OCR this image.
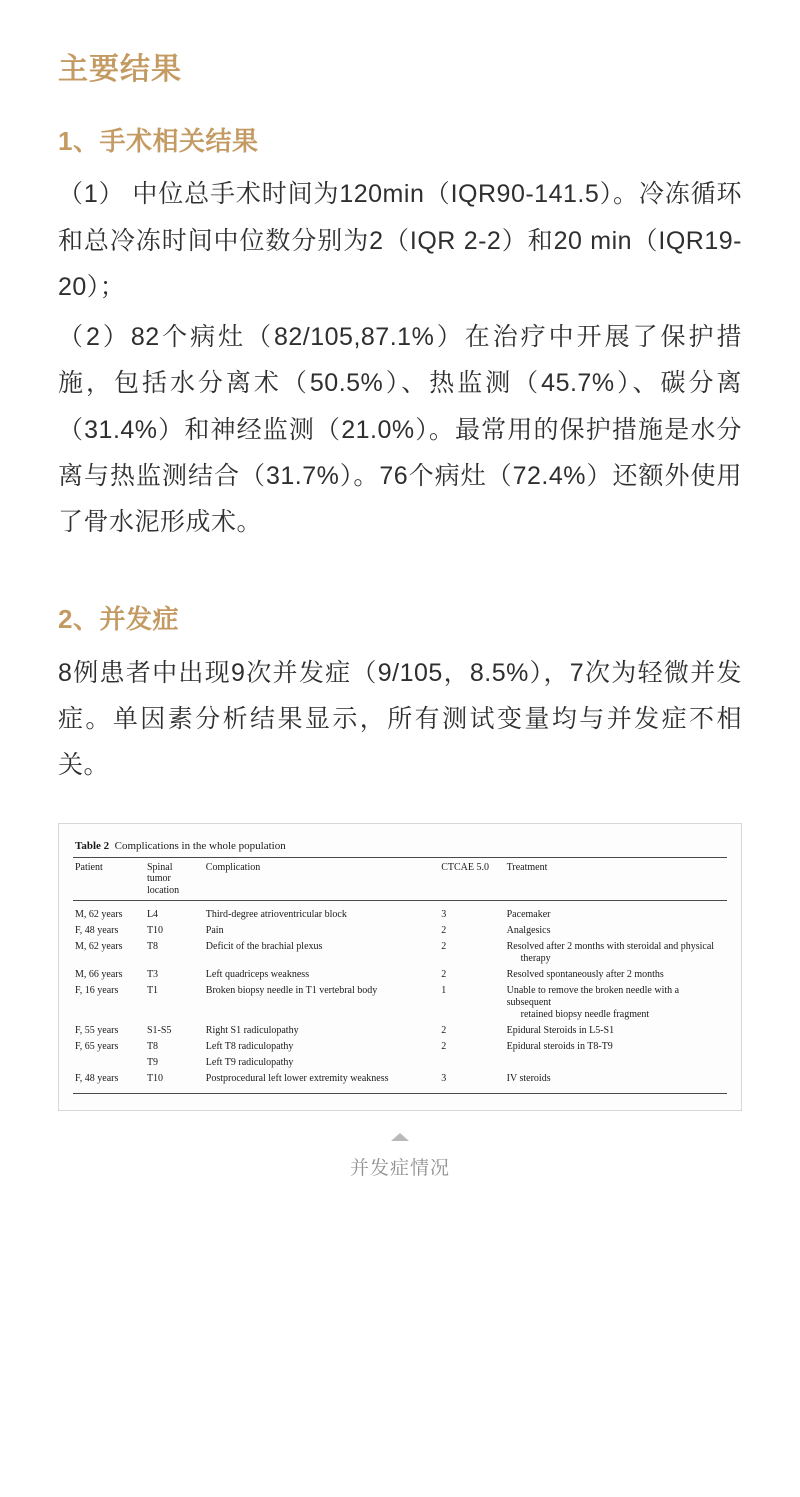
主要结果
1、手术相关结果

（1） 中位总手术时间为120min（IQR90-141.5）。冷冻循环和总冷冻时间中位数分别为2（IQR 2-2）和20 min（IQR19-20）；

（2）82个病灶（82/105,87.1%）在治疗中开展了保护措施，包括水分离术（50.5%）、热监测（45.7%）、碳分离（31.4%）和神经监测（21.0%）。最常用的保护措施是水分离与热监测结合（31.7%）。76个病灶（72.4%）还额外使用了骨水泥形成术。

2、并发症

8例患者中出现9次并发症（9/105，8.5%），7次为轻微并发症。单因素分析结果显示，所有测试变量均与并发症不相关。

Table 2 Complications in the whole population
Patient	Spinal
tumor
location	Complication	CTCAE 5.0	Treatment
M, 62 years	L4	Third-degree atrioventricular block	3	Pacemaker
F, 48 years	T10	Pain	2	Analgesics
M, 62 years	T8	Deficit of the brachial plexus	2	Resolved after 2 months with steroidal and physical
therapy

M, 66 years	T3	Left quadriceps weakness	2	Resolved spontaneously after 2 months
F, 16 years	T1	Broken biopsy needle in T1 vertebral body	1	Unable to remove the broken needle with a subsequent
retained biopsy needle fragment

F, 55 years	S1-S5	Right S1 radiculopathy	2	Epidural Steroids in L5-S1
F, 65 years	T8	Left T8 radiculopathy	2	Epidural steroids in T8-T9
	T9	Left T9 radiculopathy		
F, 48 years	T10	Postprocedural left lower extremity weakness	3	IV steroids
并发症情况
